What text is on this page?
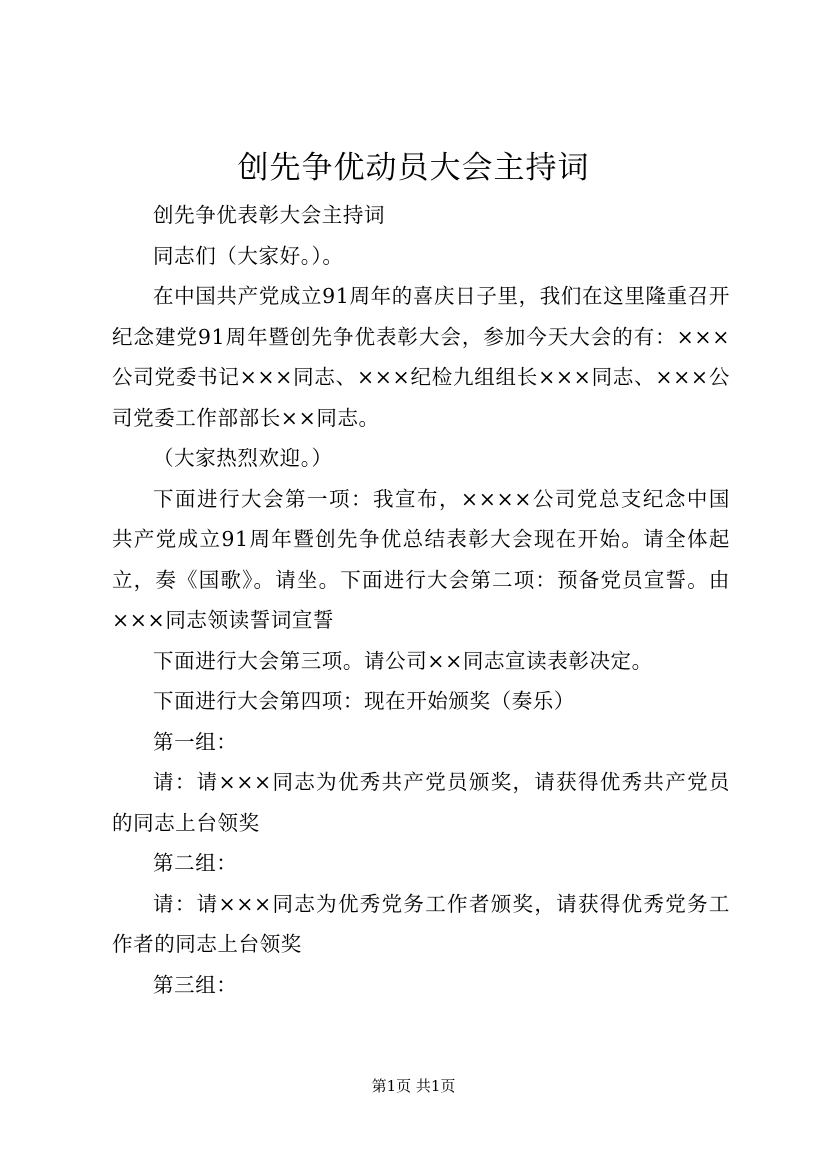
创先争优动员大会主持词

创先争优表彰大会主持词

同志们（大家好。）。

在中国共产党成立91周年的喜庆日子里，我们在这里隆重召开纪念建党91周年暨创先争优表彰大会，参加今天大会的有：×××公司党委书记×××同志、×××纪检九组组长×××同志、×××公司党委工作部部长××同志。

（大家热烈欢迎。）

下面进行大会第一项：我宣布，××××公司党总支纪念中国共产党成立91周年暨创先争优总结表彰大会现在开始。请全体起立，奏《国歌》。请坐。下面进行大会第二项：预备党员宣誓。由×××同志领读誓词宣誓

下面进行大会第三项。请公司××同志宣读表彰决定。

下面进行大会第四项：现在开始颁奖（奏乐）

第一组：

请：请×××同志为优秀共产党员颁奖，请获得优秀共产党员的同志上台领奖

第二组：

请：请×××同志为优秀党务工作者颁奖，请获得优秀党务工作者的同志上台领奖

第三组：

第1页 共1页
